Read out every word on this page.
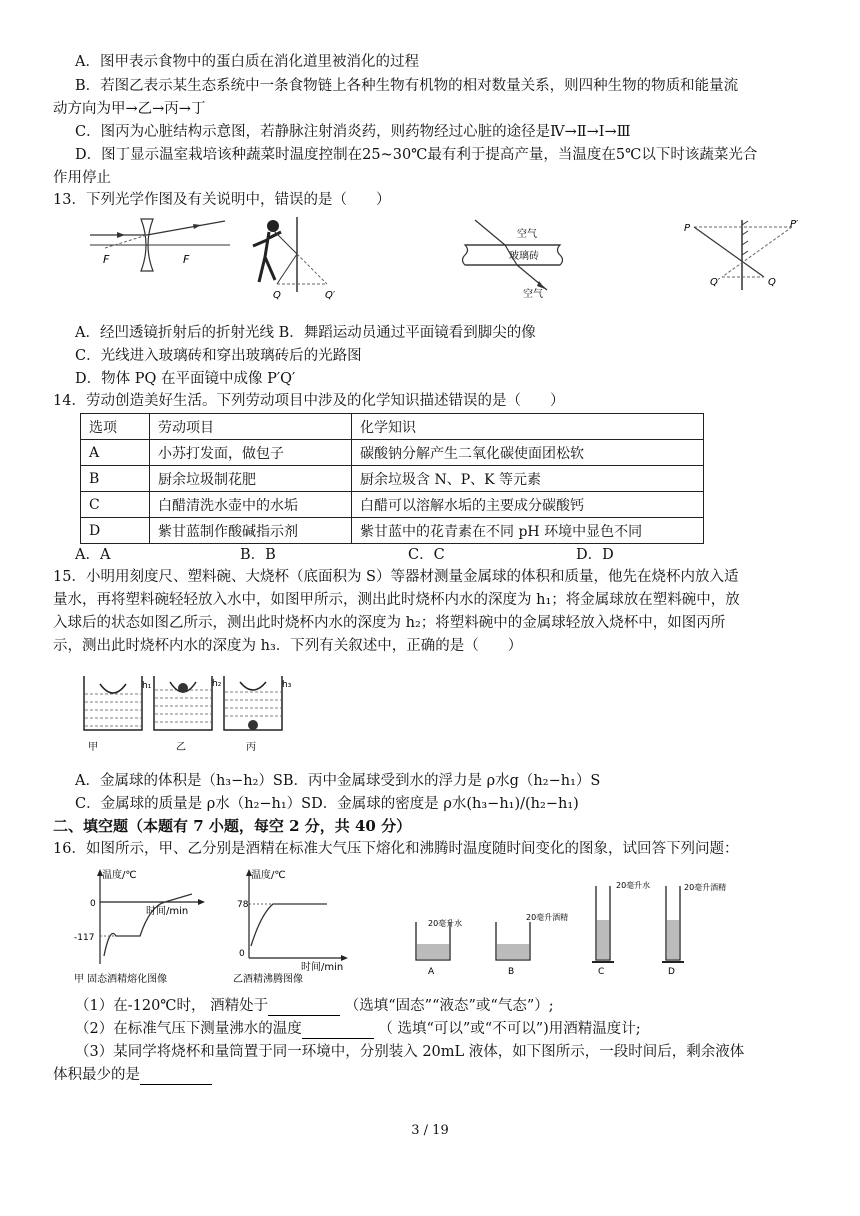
A．图甲表示食物中的蛋白质在消化道里被消化的过程
B．若图乙表示某生态系统中一条食物链上各种生物有机物的相对数量关系，则四种生物的物质和能量流
动方向为甲→乙→丙→丁
C．图丙为心脏结构示意图，若静脉注射消炎药，则药物经过心脏的途径是Ⅳ→Ⅱ→Ⅰ→Ⅲ
D．图丁显示温室栽培该种蔬菜时温度控制在25~30℃最有利于提高产量，当温度在5℃以下时该蔬菜光合
作用停止
13．下列光学作图及有关说明中，错误的是（　　）
F	F
Q	Q′
空气
玻璃砖
空气
P	P′
Q′	Q
A．经凹透镜折射后的折射光线 B．舞蹈运动员通过平面镜看到脚尖的像
C．光线进入玻璃砖和穿出玻璃砖后的光路图
D．物体 PQ 在平面镜中成像 P′Q′
14．劳动创造美好生活。下列劳动项目中涉及的化学知识描述错误的是（　　）
选项	劳动项目	化学知识
A	小苏打发面，做包子	碳酸钠分解产生二氧化碳使面团松软
B	厨余垃圾制花肥	厨余垃圾含 N、P、K 等元素
C	白醋清洗水壶中的水垢	白醋可以溶解水垢的主要成分碳酸钙
D	紫甘蓝制作酸碱指示剂	紫甘蓝中的花青素在不同 pH 环境中显色不同
A．A	B．B	C．C	D．D
15．小明用刻度尺、塑料碗、大烧杯（底面积为 S）等器材测量金属球的体积和质量，他先在烧杯内放入适
量水，再将塑料碗轻轻放入水中，如图甲所示，测出此时烧杯内水的深度为 h₁；将金属球放在塑料碗中，放
入球后的状态如图乙所示，测出此时烧杯内水的深度为 h₂；将塑料碗中的金属球轻放入烧杯中，如图丙所
示，测出此时烧杯内水的深度为 h₃．下列有关叙述中，正确的是（　　）
h₁	h₂	h₃
甲	乙	丙
A．金属球的体积是（h₃−h₂）SB．丙中金属球受到水的浮力是 ρ水g（h₂−h₁）S
C．金属球的质量是 ρ水（h₂−h₁）SD．金属球的密度是 ρ水(h₃−h₁)/(h₂−h₁)
二、填空题（本题有 7 小题，每空 2 分，共 40 分）
16．如图所示，甲、乙分别是酒精在标准大气压下熔化和沸腾时温度随时间变化的图象，试回答下列问题：
温度/℃
时间/min
0
-117
甲 固态酒精熔化图像
温度/℃
78
0
时间/min
乙酒精沸腾图像
A
20毫升水
B
20毫升酒精
C
20毫升水
D
20毫升酒精
（1）在-120℃时， 酒精处于	（选填“固态”“液态”或“气态”）;
（2）在标准气压下测量沸水的温度	（ 选填“可以”或“不可以”)用酒精温度计;
（3）某同学将烧杯和量筒置于同一环境中，分别装入 20mL 液体，如下图所示，一段时间后，剩余液体
体积最少的是
3 / 19
